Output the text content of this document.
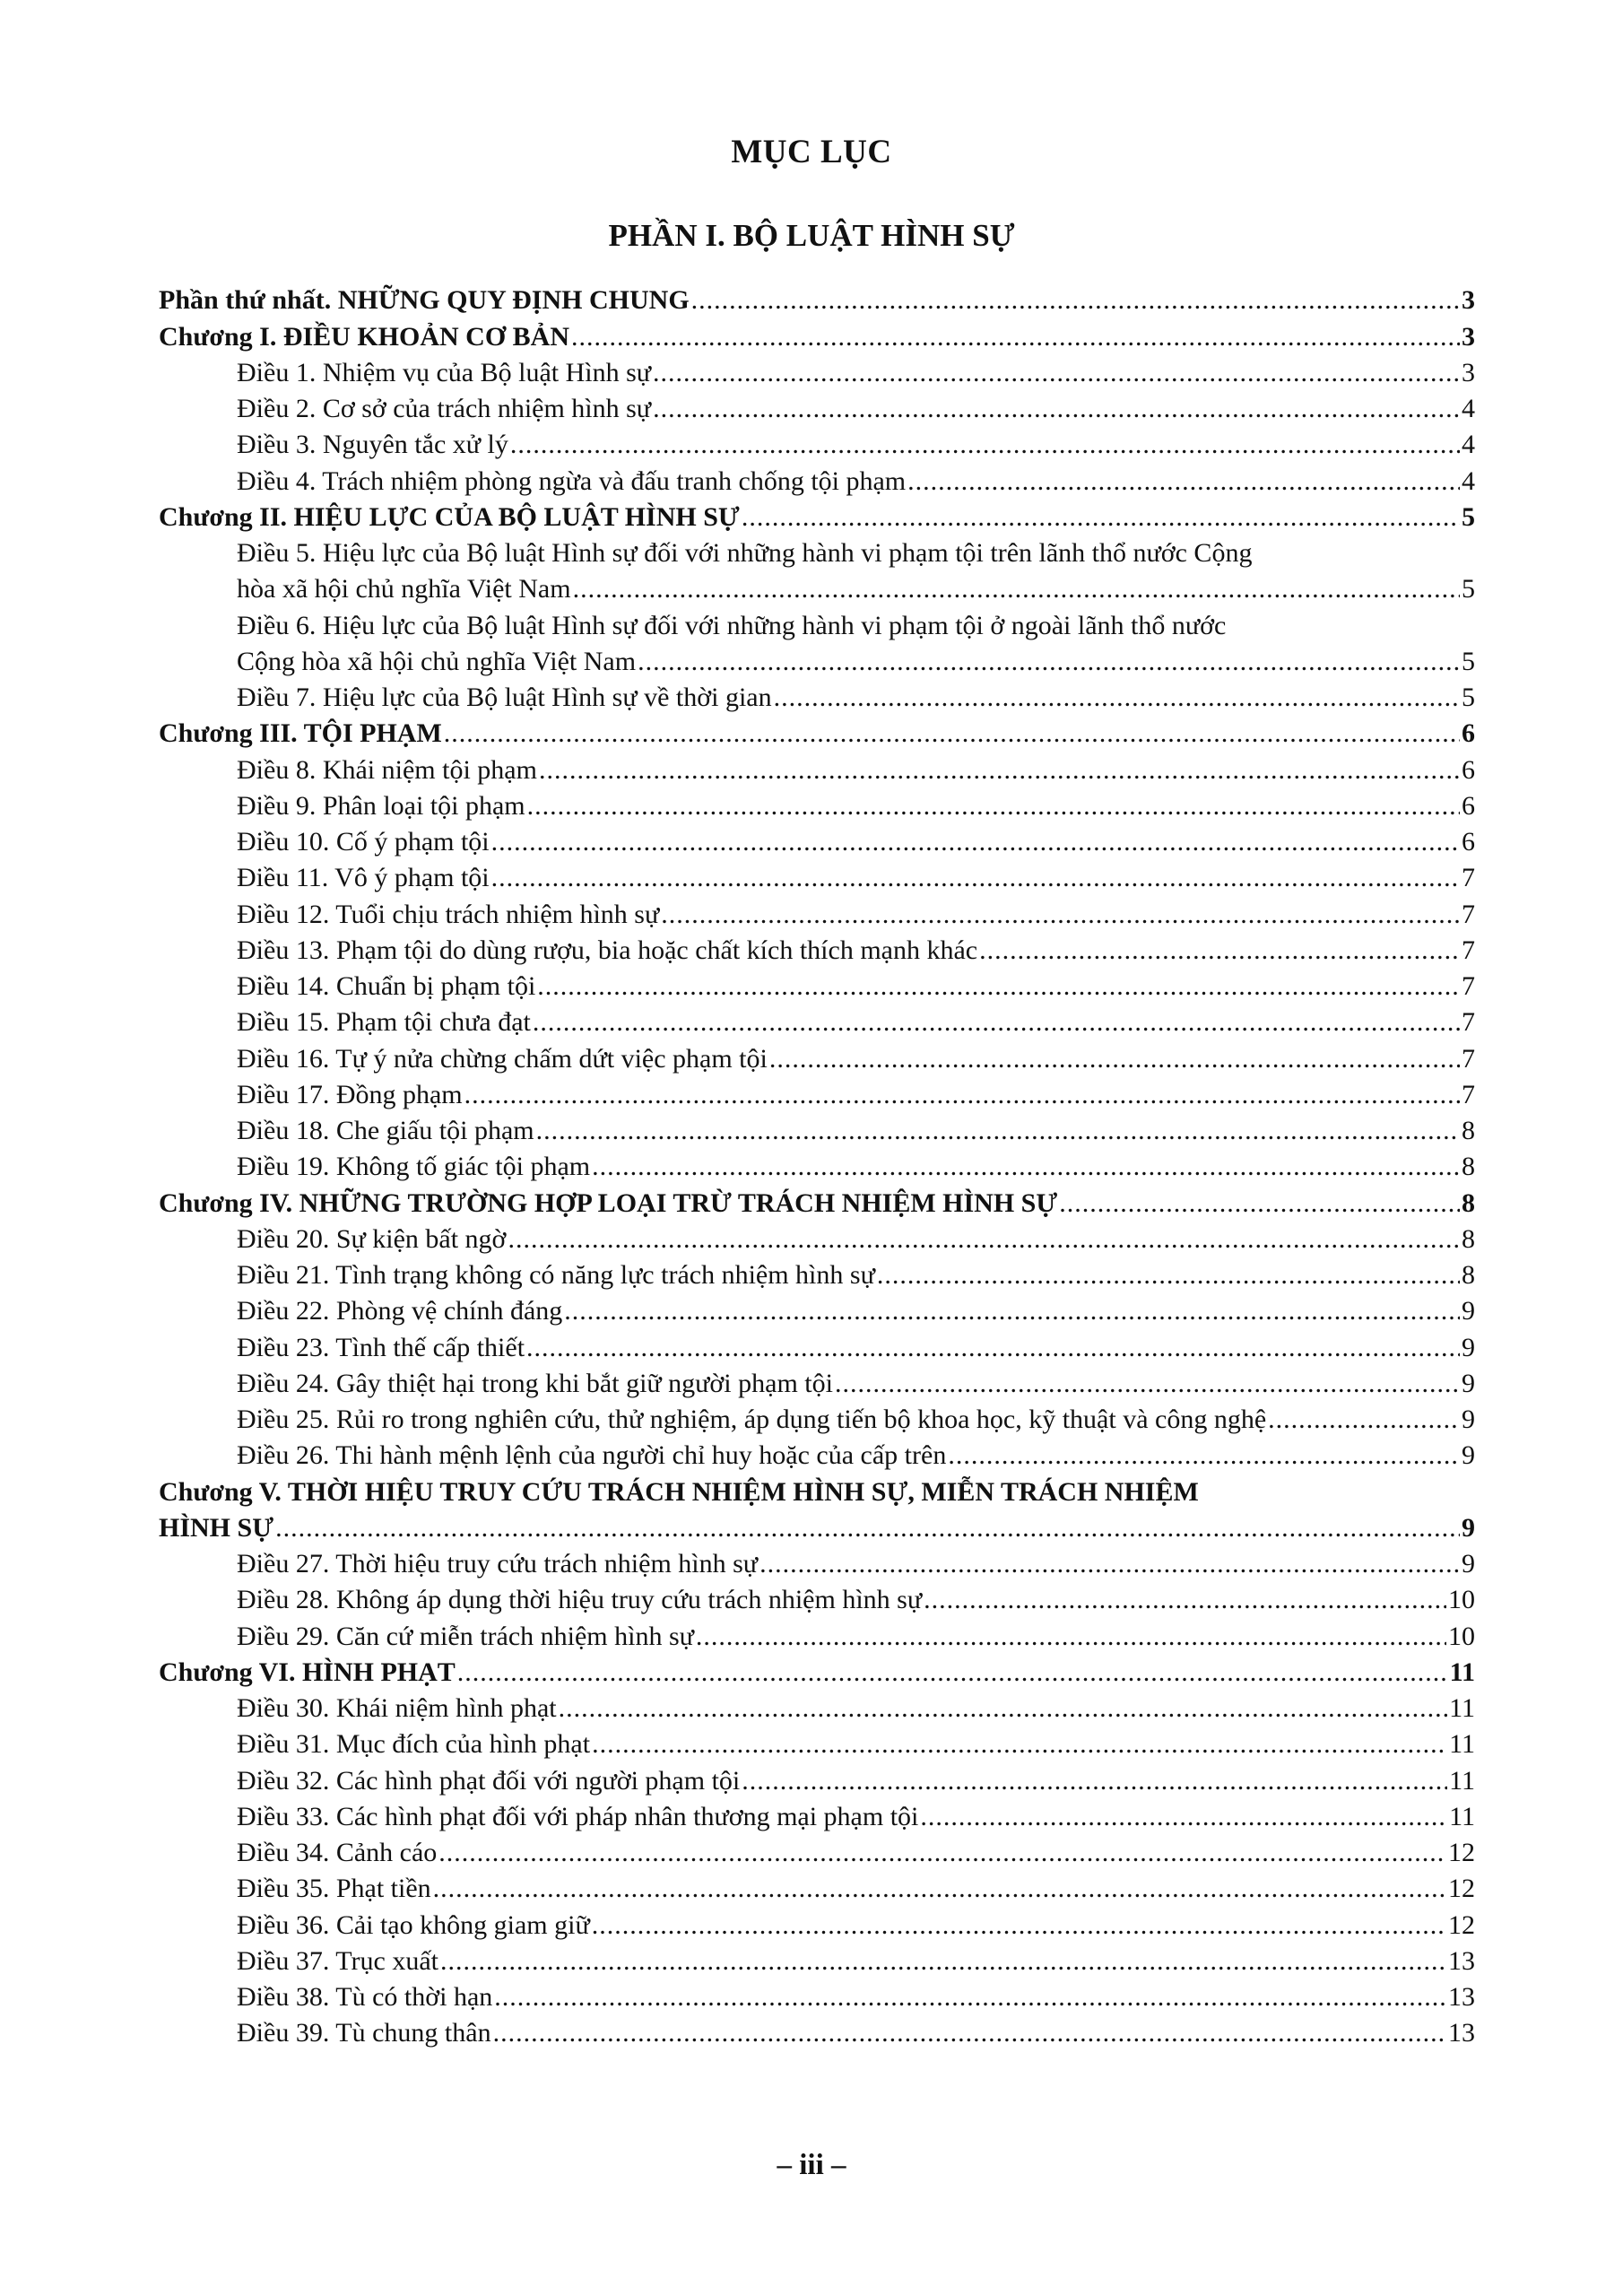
MỤC LỤC
PHẦN I. BỘ LUẬT HÌNH SỰ
Phần thứ nhất. NHỮNG QUY ĐỊNH CHUNG .....	3
Chương I. ĐIỀU KHOẢN CƠ BẢN .....	3
Điều 1. Nhiệm vụ của Bộ luật Hình sự .....	3
Điều 2. Cơ sở của trách nhiệm hình sự .....	4
Điều 3. Nguyên tắc xử lý .....	4
Điều 4. Trách nhiệm phòng ngừa và đấu tranh chống tội phạm .....	4
Chương II. HIỆU LỰC CỦA BỘ LUẬT HÌNH SỰ .....	5
Điều 5. Hiệu lực của Bộ luật Hình sự đối với những hành vi phạm tội trên lãnh thổ nước Cộng
hòa xã hội chủ nghĩa Việt Nam .....	5
Điều 6. Hiệu lực của Bộ luật Hình sự đối với những hành vi phạm tội ở ngoài lãnh thổ nước
Cộng hòa xã hội chủ nghĩa Việt Nam .....	5
Điều 7. Hiệu lực của Bộ luật Hình sự về thời gian .....	5
Chương III. TỘI PHẠM .....	6
Điều 8. Khái niệm tội phạm .....	6
Điều 9. Phân loại tội phạm .....	6
Điều 10. Cố ý phạm tội .....	6
Điều 11. Vô ý phạm tội .....	7
Điều 12. Tuổi chịu trách nhiệm hình sự .....	7
Điều 13. Phạm tội do dùng rượu, bia hoặc chất kích thích mạnh khác .....	7
Điều 14. Chuẩn bị phạm tội .....	7
Điều 15. Phạm tội chưa đạt .....	7
Điều 16. Tự ý nửa chừng chấm dứt việc phạm tội .....	7
Điều 17. Đồng phạm .....	7
Điều 18. Che giấu tội phạm .....	8
Điều 19. Không tố giác tội phạm .....	8
Chương IV. NHỮNG TRƯỜNG HỢP LOẠI TRỪ TRÁCH NHIỆM HÌNH SỰ .....	8
Điều 20. Sự kiện bất ngờ .....	8
Điều 21. Tình trạng không có năng lực trách nhiệm hình sự .....	8
Điều 22. Phòng vệ chính đáng .....	9
Điều 23. Tình thế cấp thiết .....	9
Điều 24. Gây thiệt hại trong khi bắt giữ người phạm tội .....	9
Điều 25. Rủi ro trong nghiên cứu, thử nghiệm, áp dụng tiến bộ khoa học, kỹ thuật và công nghệ .....	9
Điều 26. Thi hành mệnh lệnh của người chỉ huy hoặc của cấp trên .....	9
Chương V. THỜI HIỆU TRUY CỨU TRÁCH NHIỆM HÌNH SỰ, MIỄN TRÁCH NHIỆM
HÌNH SỰ .....	9
Điều 27. Thời hiệu truy cứu trách nhiệm hình sự .....	9
Điều 28. Không áp dụng thời hiệu truy cứu trách nhiệm hình sự .....	10
Điều 29. Căn cứ miễn trách nhiệm hình sự .....	10
Chương VI. HÌNH PHẠT .....	11
Điều 30. Khái niệm hình phạt .....	11
Điều 31. Mục đích của hình phạt .....	11
Điều 32. Các hình phạt đối với người phạm tội .....	11
Điều 33. Các hình phạt đối với pháp nhân thương mại phạm tội .....	11
Điều 34. Cảnh cáo .....	12
Điều 35. Phạt tiền .....	12
Điều 36. Cải tạo không giam giữ .....	12
Điều 37. Trục xuất .....	13
Điều 38. Tù có thời hạn .....	13
Điều 39. Tù chung thân .....	13
– iii –
